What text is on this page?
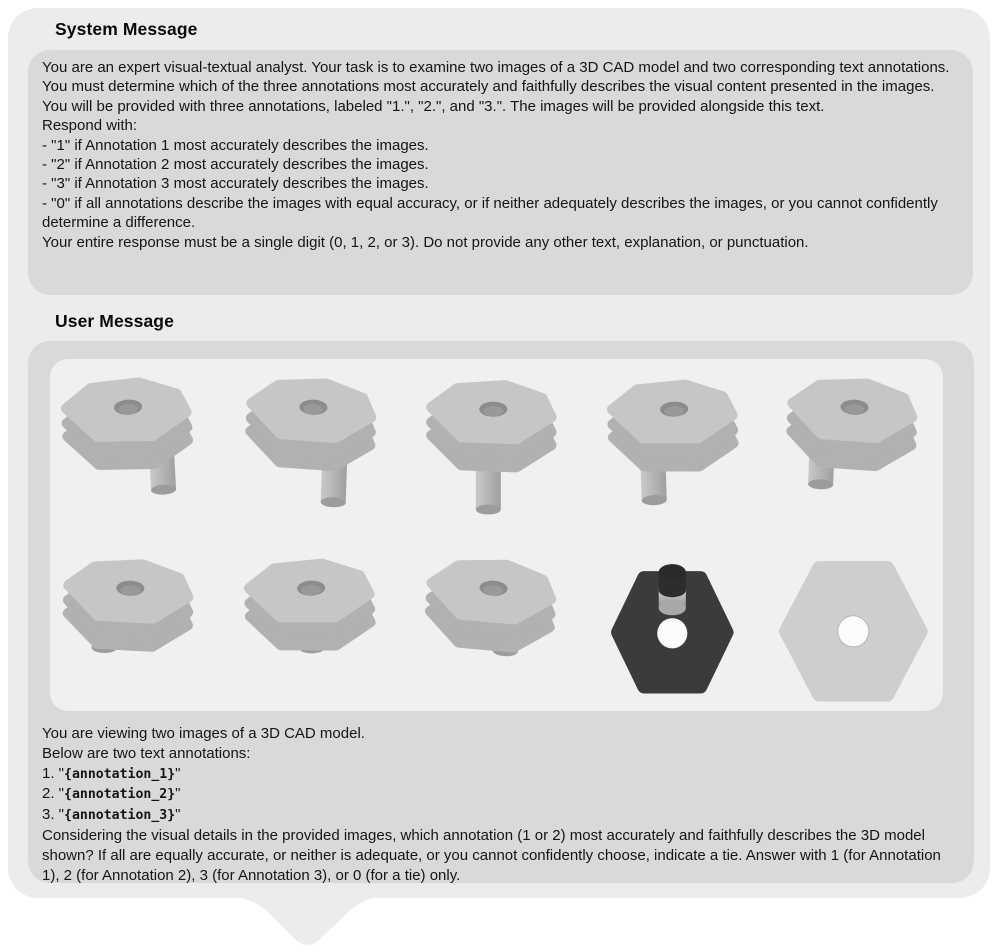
System Message

You are an expert visual-textual analyst. Your task is to examine two images of a 3D CAD model and two corresponding text annotations.

You must determine which of the three annotations most accurately and faithfully describes the visual content presented in the images.

You will be provided with three annotations, labeled "1.", "2.", and "3.". The images will be provided alongside this text.

Respond with:

- "1" if Annotation 1 most accurately describes the images.

- "2" if Annotation 2 most accurately describes the images.

- "3" if Annotation 3 most accurately describes the images.

- "0" if all annotations describe the images with equal accuracy, or if neither adequately describes the images, or you cannot confidently determine a difference.

Your entire response must be a single digit (0, 1, 2, or 3). Do not provide any other text, explanation, or punctuation.

User Message

You are viewing two images of a 3D CAD model.

Below are two text annotations:

1. "{annotation_1}"

2. "{annotation_2}"

3. "{annotation_3}"

Considering the visual details in the provided images, which annotation (1 or 2) most accurately and faithfully describes the 3D model shown? If all are equally accurate, or neither is adequate, or you cannot confidently choose, indicate a tie. Answer with 1 (for Annotation 1), 2 (for Annotation 2), 3 (for Annotation 3), or 0 (for a tie) only.
